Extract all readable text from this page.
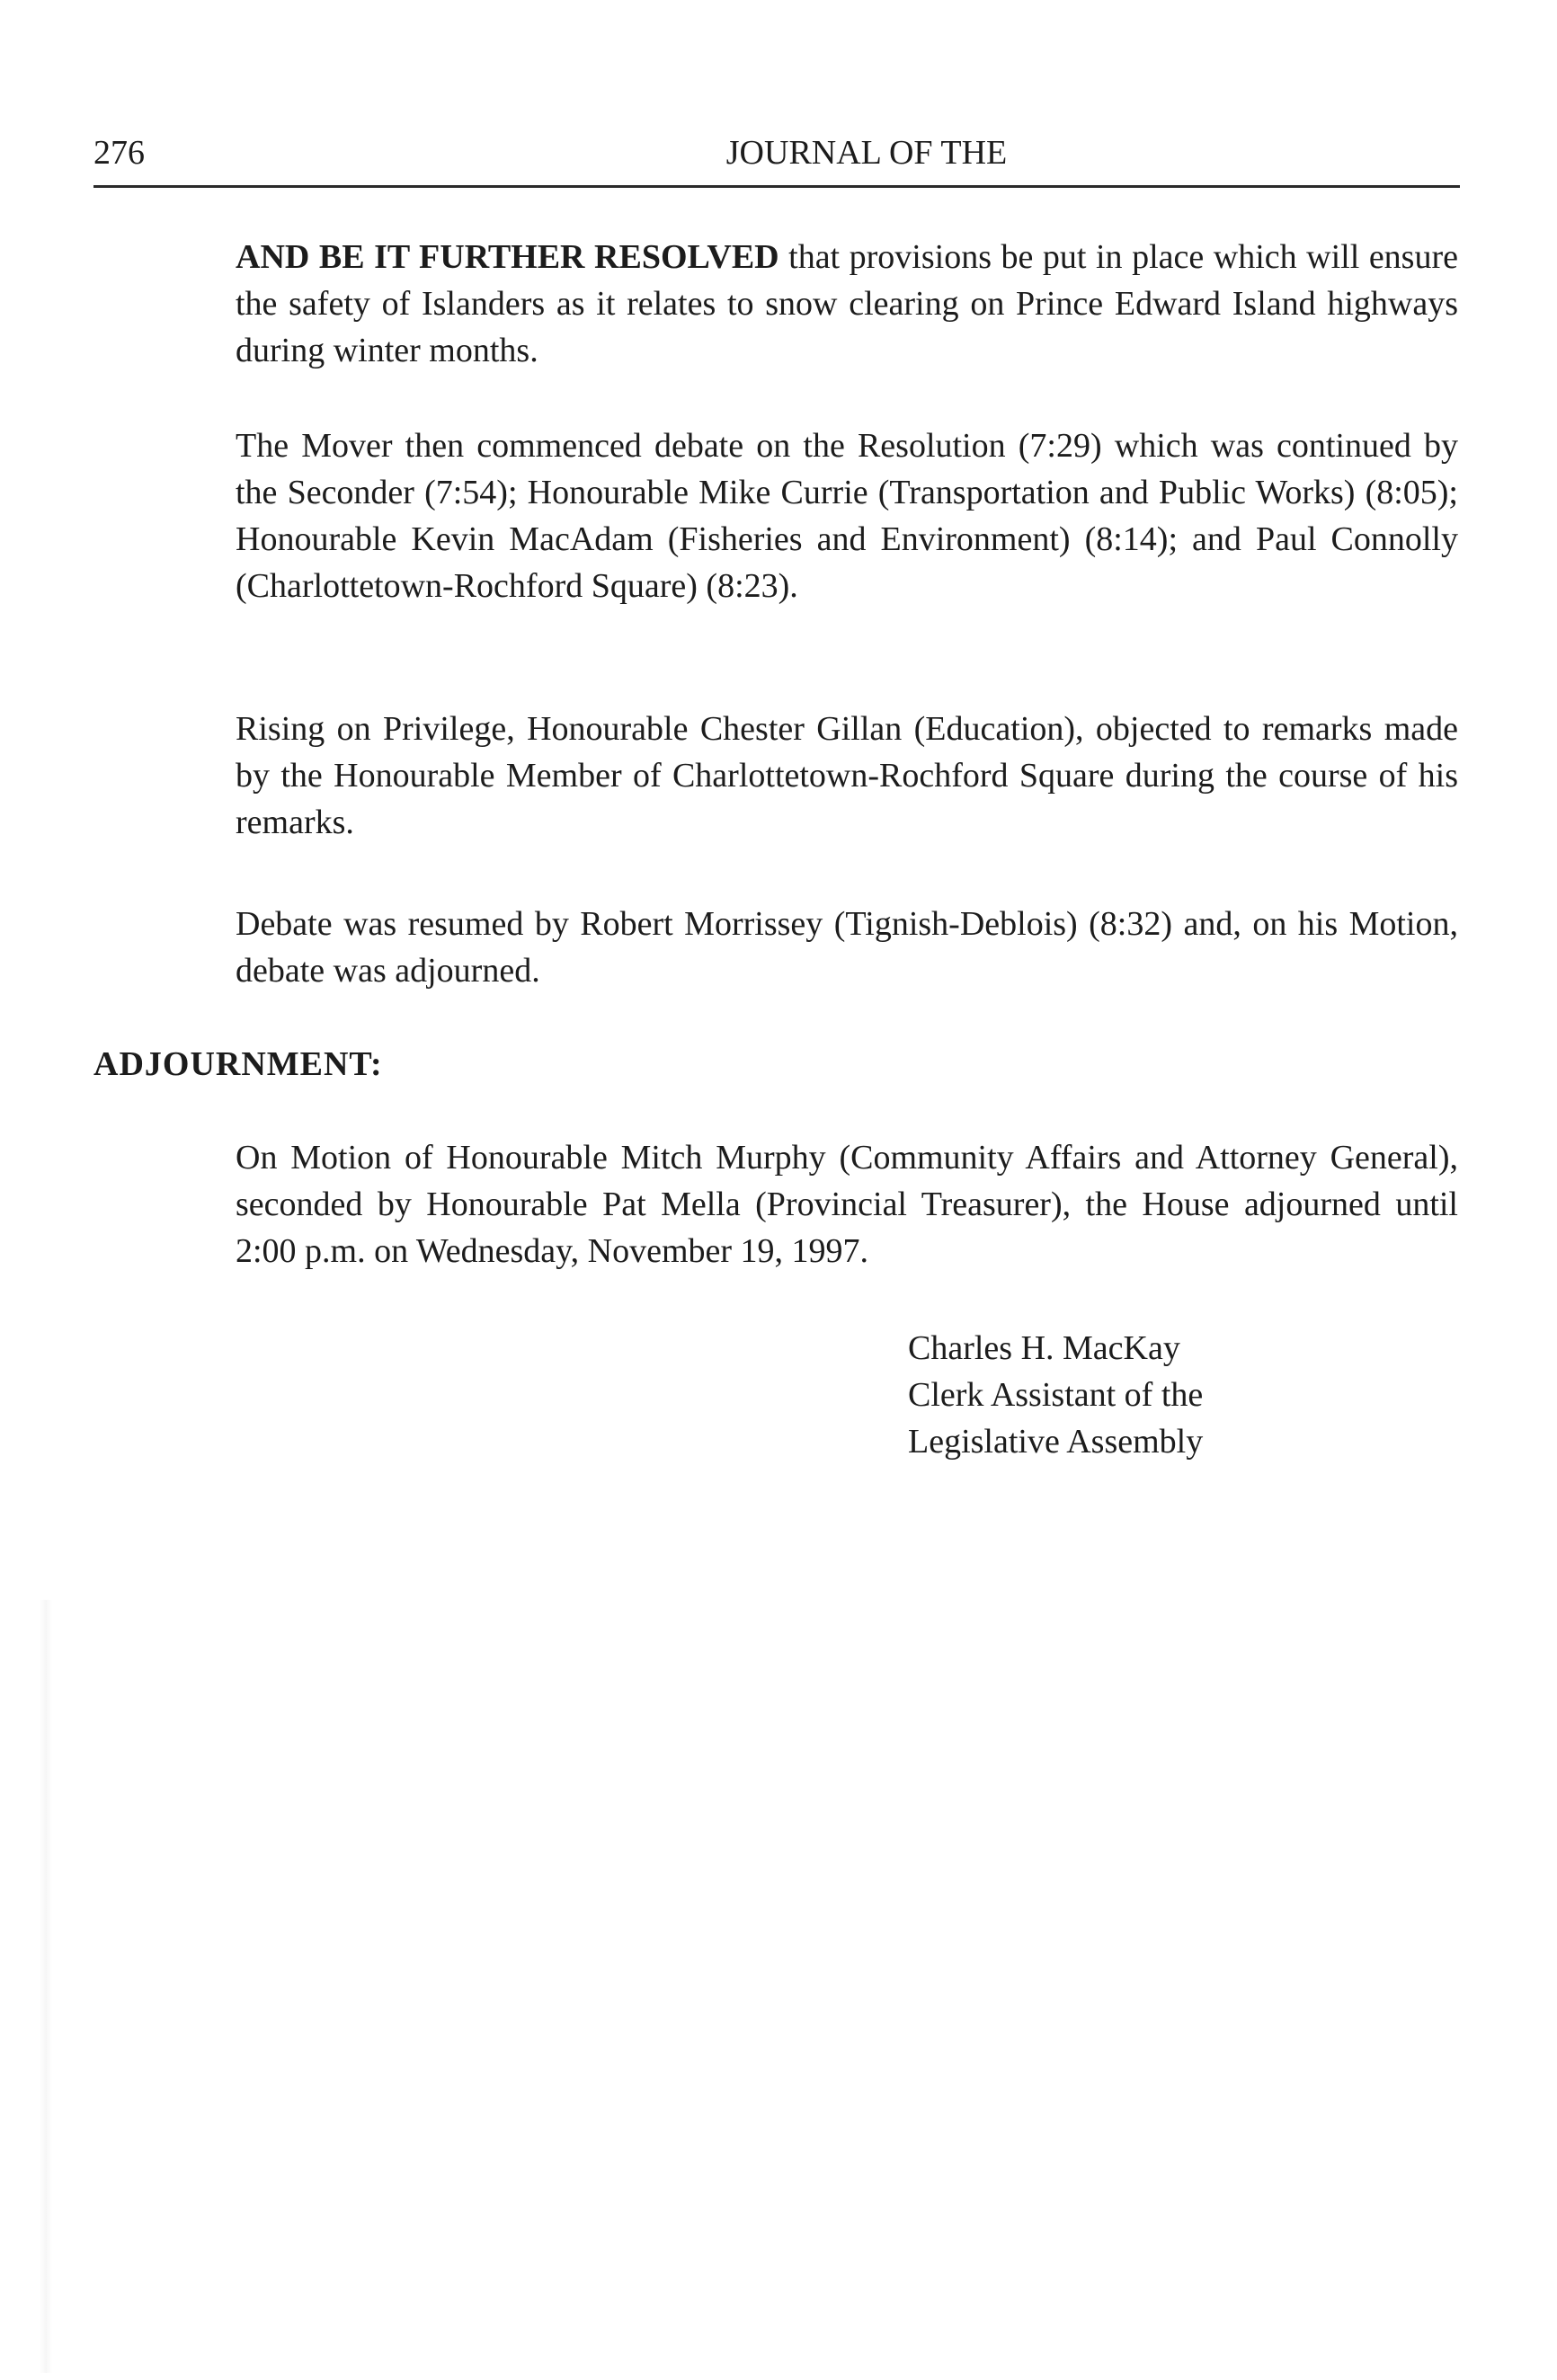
276	JOURNAL OF THE

AND BE IT FURTHER RESOLVED that provisions be put in place which will ensure the safety of Islanders as it relates to snow clearing on Prince Edward Island highways during winter months.

The Mover then commenced debate on the Resolution (7:29) which was continued by the Seconder (7:54); Honourable Mike Currie (Transportation and Public Works) (8:05); Honourable Kevin MacAdam (Fisheries and Environment) (8:14); and Paul Connolly (Charlottetown-Rochford Square) (8:23).

Rising on Privilege, Honourable Chester Gillan (Education), objected to remarks made by the Honourable Member of Charlottetown-Rochford Square during the course of his remarks.

Debate was resumed by Robert Morrissey (Tignish-Deblois) (8:32) and, on his Motion, debate was adjourned.

ADJOURNMENT:

On Motion of Honourable Mitch Murphy (Community Affairs and Attorney General), seconded by Honourable Pat Mella (Provincial Treasurer), the House adjourned until 2:00 p.m. on Wednesday, November 19, 1997.

Charles H. MacKay
Clerk Assistant of the
Legislative Assembly
